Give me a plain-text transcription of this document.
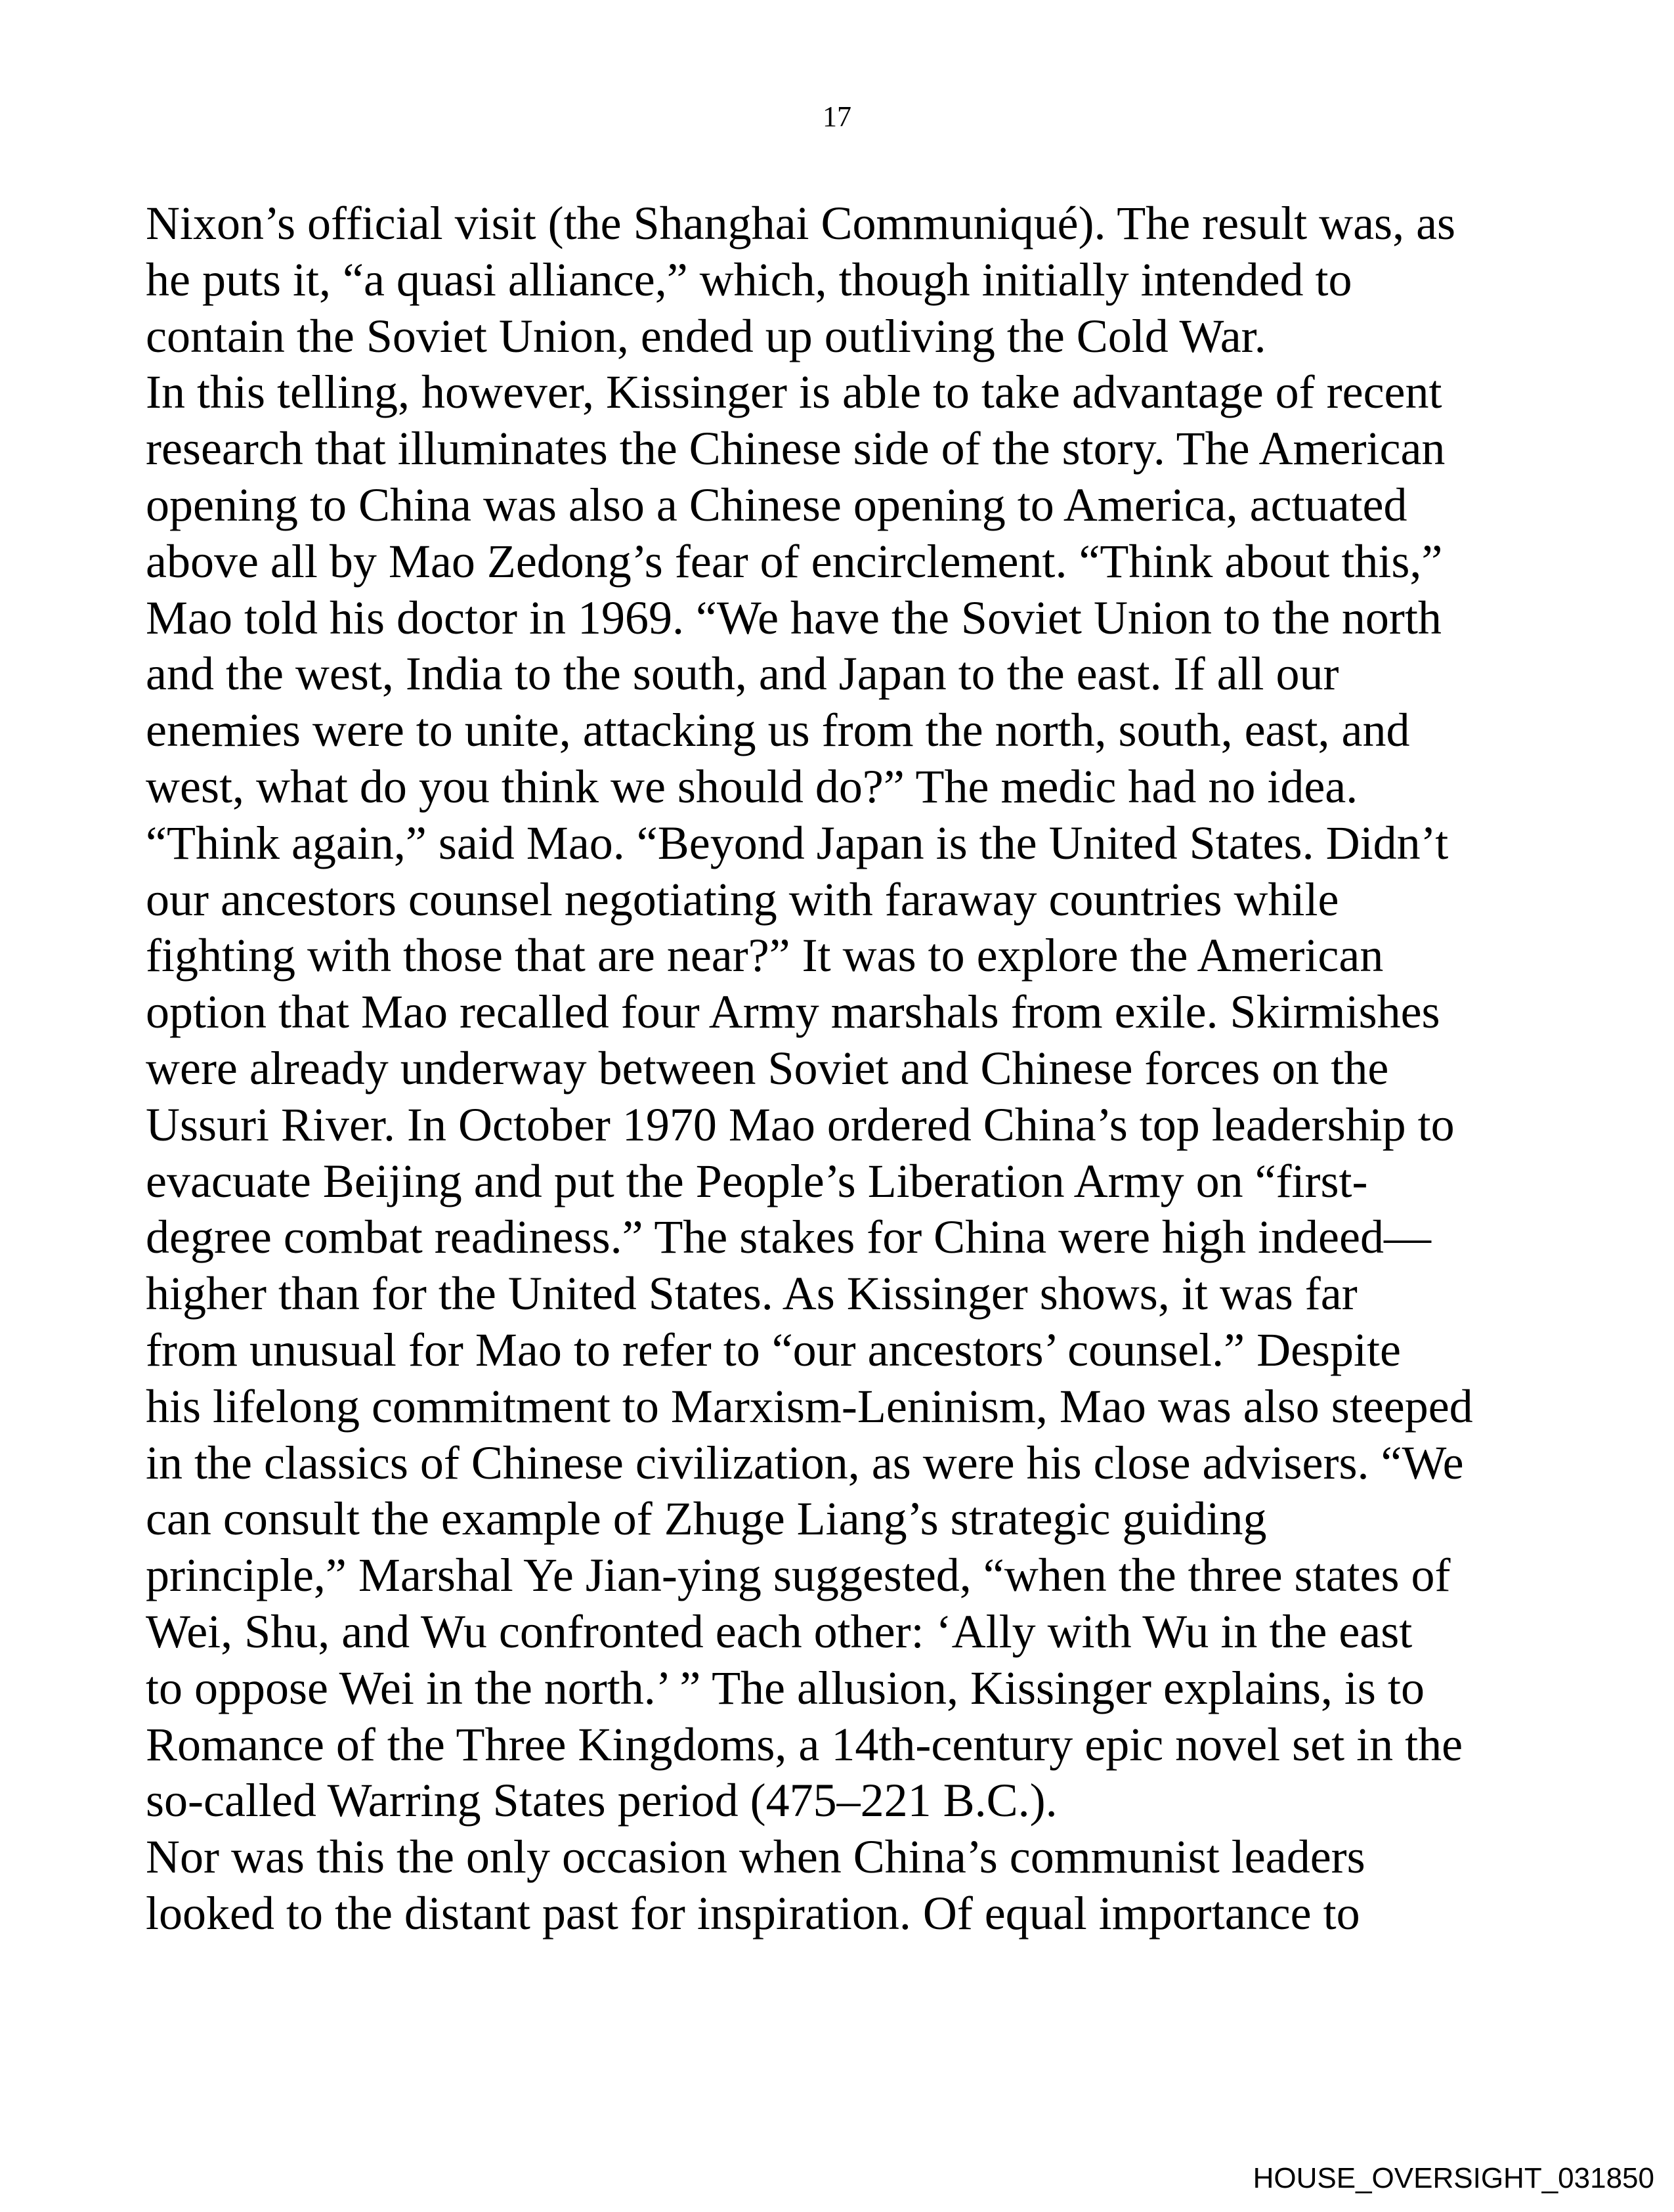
17
Nixon’s official visit (the Shanghai Communiqué). The result was, as
he puts it, “a quasi alliance,” which, though initially intended to
contain the Soviet Union, ended up outliving the Cold War.
In this telling, however, Kissinger is able to take advantage of recent
research that illuminates the Chinese side of the story. The American
opening to China was also a Chinese opening to America, actuated
above all by Mao Zedong’s fear of encirclement. “Think about this,”
Mao told his doctor in 1969. “We have the Soviet Union to the north
and the west, India to the south, and Japan to the east. If all our
enemies were to unite, attacking us from the north, south, east, and
west, what do you think we should do?” The medic had no idea.
“Think again,” said Mao. “Beyond Japan is the United States. Didn’t
our ancestors counsel negotiating with faraway countries while
fighting with those that are near?” It was to explore the American
option that Mao recalled four Army marshals from exile. Skirmishes
were already underway between Soviet and Chinese forces on the
Ussuri River. In October 1970 Mao ordered China’s top leadership to
evacuate Beijing and put the People’s Liberation Army on “first-
degree combat readiness.” The stakes for China were high indeed—
higher than for the United States. As Kissinger shows, it was far
from unusual for Mao to refer to “our ancestors’ counsel.” Despite
his lifelong commitment to Marxism-Leninism, Mao was also steeped
in the classics of Chinese civilization, as were his close advisers. “We
can consult the example of Zhuge Liang’s strategic guiding
principle,” Marshal Ye Jian-ying suggested, “when the three states of
Wei, Shu, and Wu confronted each other: ‘Ally with Wu in the east
to oppose Wei in the north.’ ” The allusion, Kissinger explains, is to
Romance of the Three Kingdoms, a 14th-century epic novel set in the
so-called Warring States period (475–221 B.C.).
Nor was this the only occasion when China’s communist leaders
looked to the distant past for inspiration. Of equal importance to
HOUSE_OVERSIGHT_031850
